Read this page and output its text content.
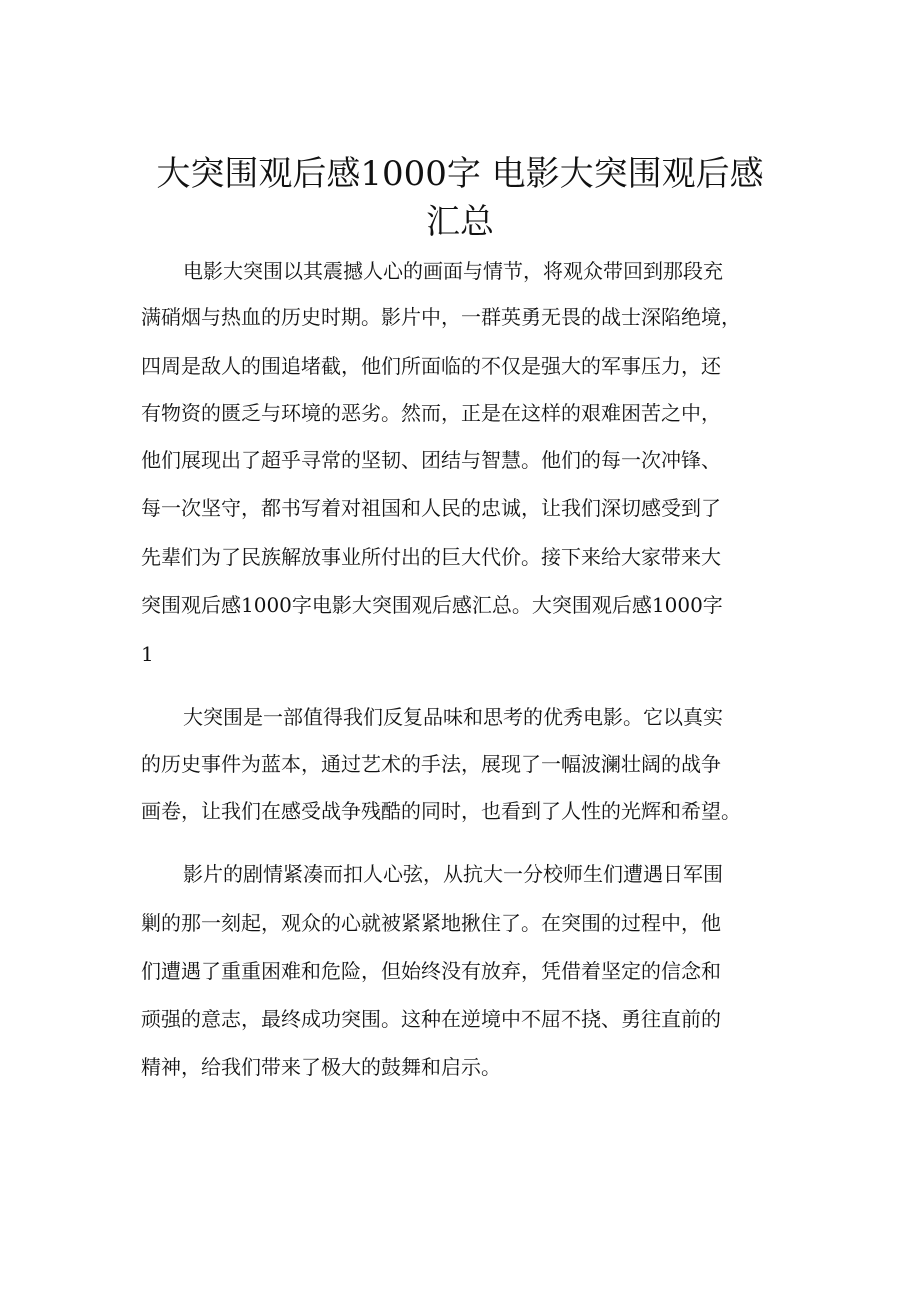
大突围观后感1000字 电影大突围观后感
汇总
电影大突围以其震撼人心的画面与情节，将观众带回到那段充
满硝烟与热血的历史时期。影片中，一群英勇无畏的战士深陷绝境，
四周是敌人的围追堵截，他们所面临的不仅是强大的军事压力，还
有物资的匮乏与环境的恶劣。然而，正是在这样的艰难困苦之中，
他们展现出了超乎寻常的坚韧、团结与智慧。他们的每一次冲锋、
每一次坚守，都书写着对祖国和人民的忠诚，让我们深切感受到了
先辈们为了民族解放事业所付出的巨大代价。接下来给大家带来大
突围观后感1000字电影大突围观后感汇总。大突围观后感1000字
1
大突围是一部值得我们反复品味和思考的优秀电影。它以真实
的历史事件为蓝本，通过艺术的手法，展现了一幅波澜壮阔的战争
画卷，让我们在感受战争残酷的同时，也看到了人性的光辉和希望。
影片的剧情紧凑而扣人心弦，从抗大一分校师生们遭遇日军围
剿的那一刻起，观众的心就被紧紧地揪住了。在突围的过程中，他
们遭遇了重重困难和危险，但始终没有放弃，凭借着坚定的信念和
顽强的意志，最终成功突围。这种在逆境中不屈不挠、勇往直前的
精神，给我们带来了极大的鼓舞和启示。
